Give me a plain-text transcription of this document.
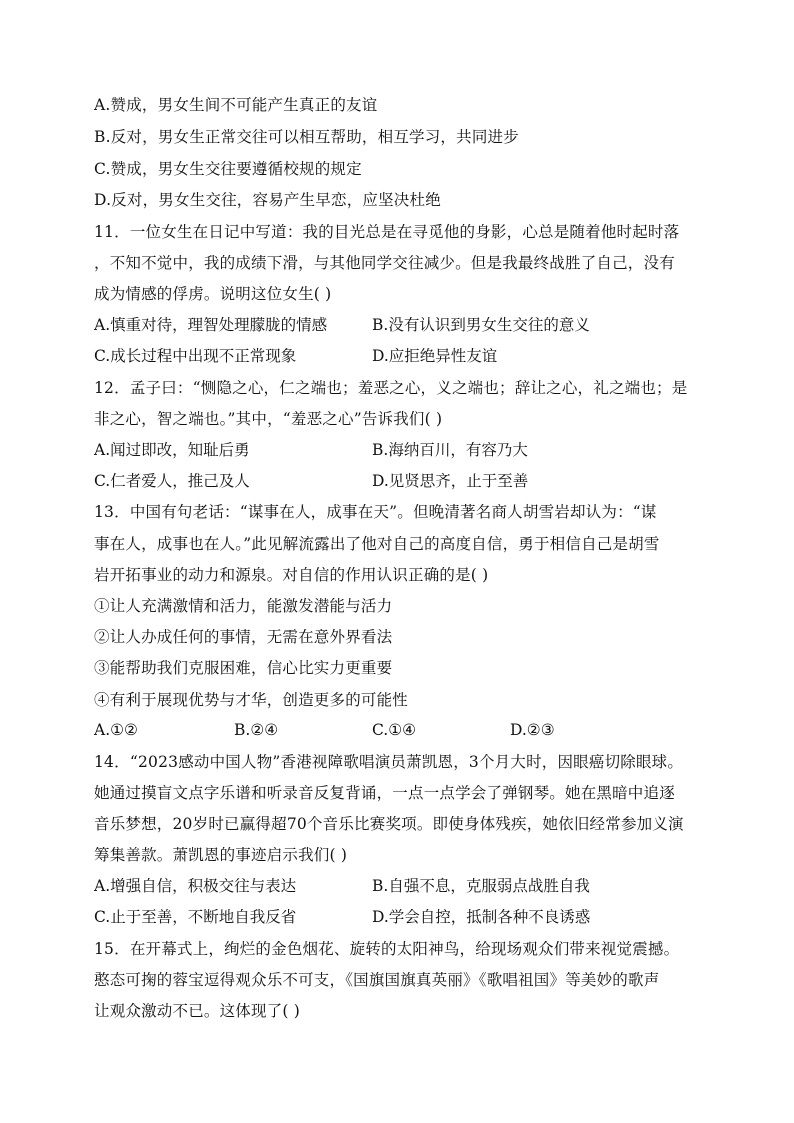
A.赞成，男女生间不可能产生真正的友谊
B.反对，男女生正常交往可以相互帮助，相互学习，共同进步
C.赞成，男女生交往要遵循校规的规定
D.反对，男女生交往，容易产生早恋，应坚决杜绝
11．一位女生在日记中写道：我的目光总是在寻觅他的身影，心总是随着他时起时落
，不知不觉中，我的成绩下滑，与其他同学交往减少。但是我最终战胜了自己，没有
成为情感的俘虏。说明这位女生( )
A.慎重对待，理智处理朦胧的情感	B.没有认识到男女生交往的意义
C.成长过程中出现不正常现象	D.应拒绝异性友谊
12．孟子曰：“恻隐之心，仁之端也；羞恶之心，义之端也；辞让之心，礼之端也；是
非之心，智之端也。”其中，“羞恶之心”告诉我们( )
A.闻过即改，知耻后勇	B.海纳百川，有容乃大
C.仁者爱人，推己及人	D.见贤思齐，止于至善
13．中国有句老话：“谋事在人，成事在天”。但晚清著名商人胡雪岩却认为：“谋
事在人，成事也在人。”此见解流露出了他对自己的高度自信，勇于相信自己是胡雪
岩开拓事业的动力和源泉。对自信的作用认识正确的是( )
①让人充满激情和活力，能激发潜能与活力
②让人办成任何的事情，无需在意外界看法
③能帮助我们克服困难，信心比实力更重要
④有利于展现优势与才华，创造更多的可能性
A.①②	B.②④	C.①④	D.②③
14．“2023感动中国人物”香港视障歌唱演员萧凯恩，3个月大时，因眼癌切除眼球。
她通过摸盲文点字乐谱和听录音反复背诵，一点一点学会了弹钢琴。她在黑暗中追逐
音乐梦想，20岁时已赢得超70个音乐比赛奖项。即使身体残疾，她依旧经常参加义演
筹集善款。萧凯恩的事迹启示我们( )
A.增强自信，积极交往与表达	B.自强不息，克服弱点战胜自我
C.止于至善，不断地自我反省	D.学会自控，抵制各种不良诱惑
15．在开幕式上，绚烂的金色烟花、旋转的太阳神鸟，给现场观众们带来视觉震撼。
憨态可掬的蓉宝逗得观众乐不可支，《国旗国旗真英丽》《歌唱祖国》等美妙的歌声
让观众激动不已。这体现了( )
